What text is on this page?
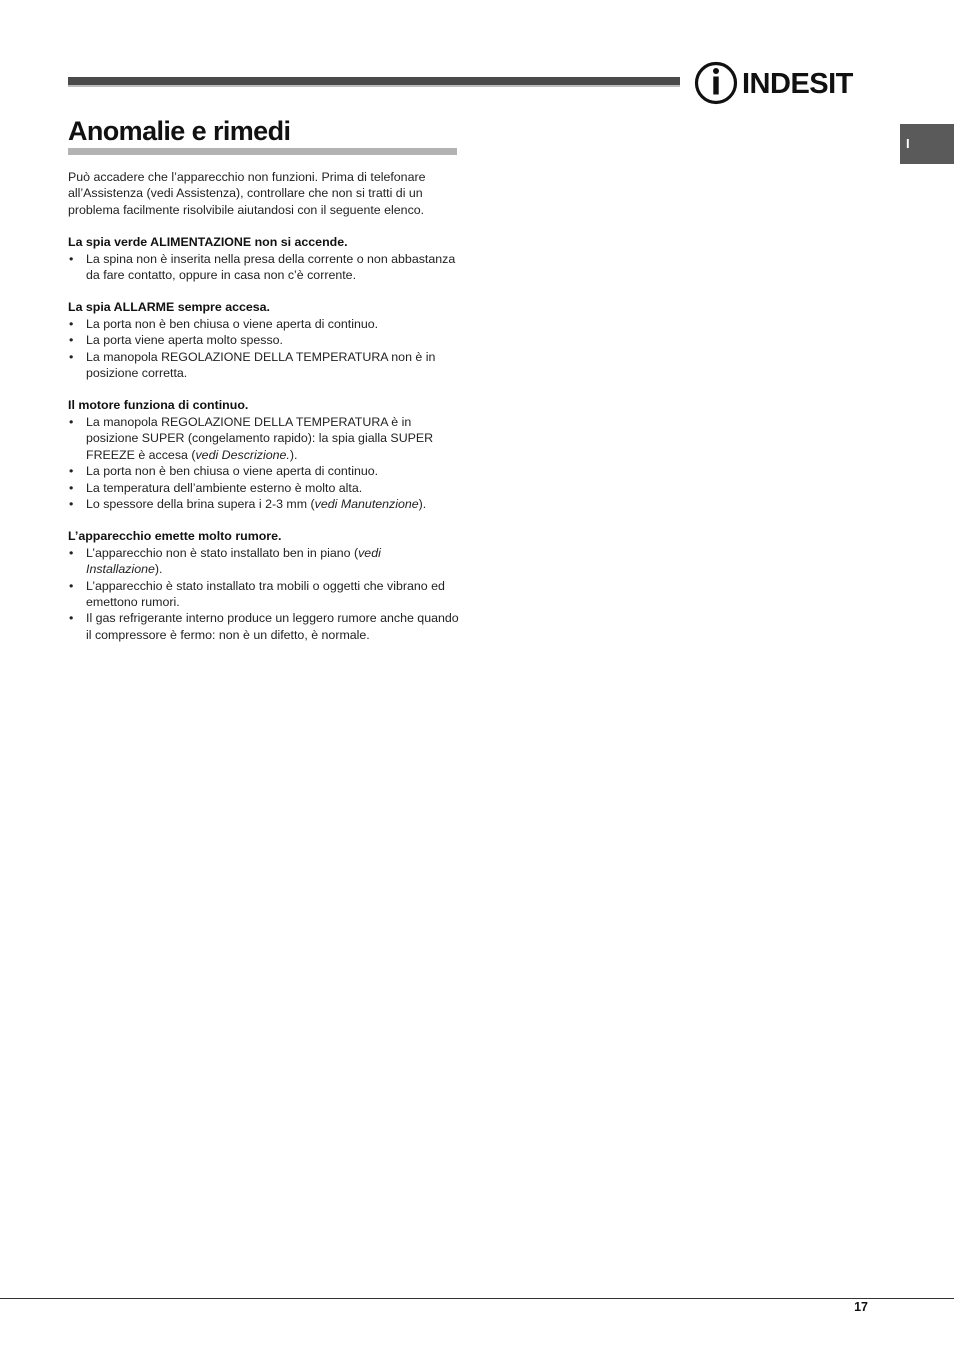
INDESIT
I
Anomalie e rimedi

Può accadere che l’apparecchio non funzioni. Prima di telefonare all’Assistenza (vedi Assistenza), controllare che non si tratti di un problema facilmente risolvibile aiutandosi con il seguente elenco.

La spia verde ALIMENTAZIONE non si accende.

• La spina non è inserita nella presa della corrente o non abbastanza da fare contatto, oppure in casa non c’è corrente.

La spia ALLARME sempre accesa.

• La porta non è ben chiusa o viene aperta di continuo.
• La porta viene aperta molto spesso.
• La manopola REGOLAZIONE DELLA TEMPERATURA non è in posizione corretta.

Il motore funziona di continuo.

• La manopola REGOLAZIONE DELLA TEMPERATURA è in posizione SUPER (congelamento rapido): la spia gialla SUPER FREEZE è accesa (vedi Descrizione.).
• La porta non è ben chiusa o viene aperta di continuo.
• La temperatura dell’ambiente esterno è molto alta.
• Lo spessore della brina supera i 2-3 mm (vedi Manutenzione).

L’apparecchio emette molto rumore.

• L’apparecchio non è stato installato ben in piano (vedi Installazione).
• L’apparecchio è stato installato tra mobili o oggetti che vibrano ed emettono rumori.
• Il gas refrigerante interno produce un leggero rumore anche quando il compressore è fermo: non è un difetto, è normale.
17
